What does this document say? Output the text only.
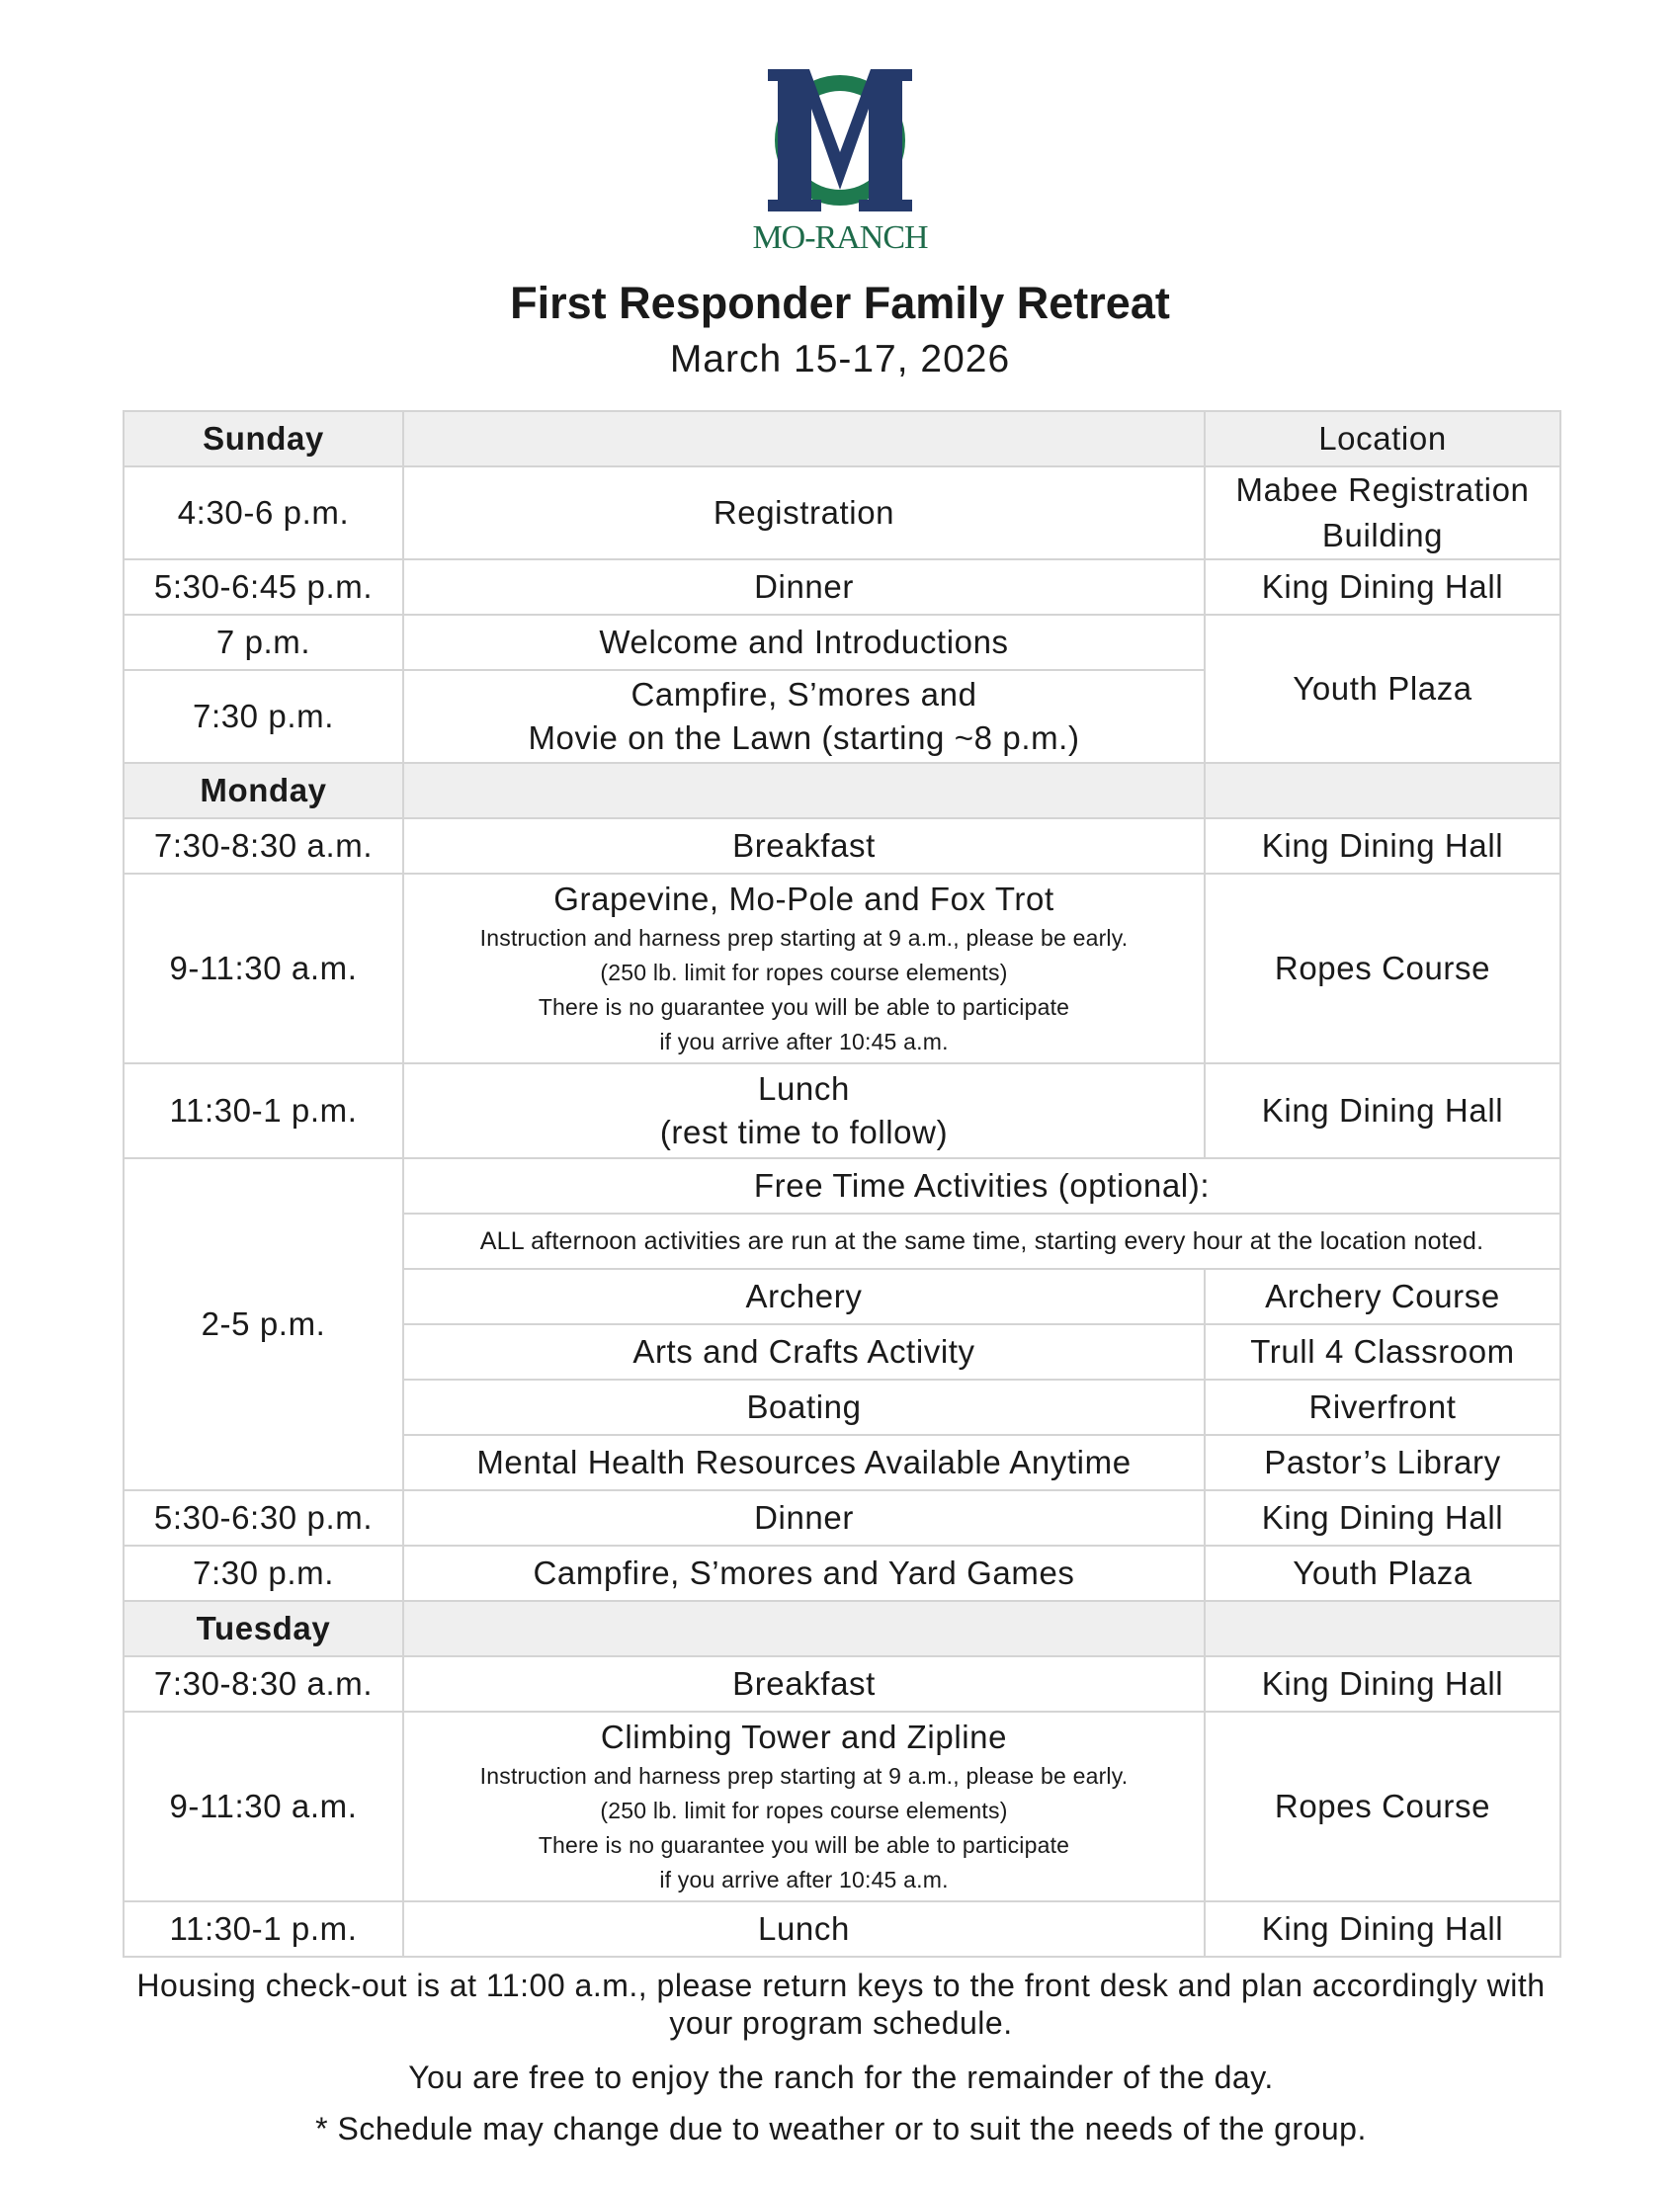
MO-RANCH
First Responder Family Retreat
March 15-17, 2026
Sunday		Location
4:30-6 p.m.	Registration	Mabee Registration Building
5:30-6:45 p.m.	Dinner	King Dining Hall
7 p.m.	Welcome and Introductions	Youth Plaza
7:30 p.m.	Campfire, S’mores and
Movie on the Lawn (starting ~8 p.m.)	

Monday		
7:30-8:30 a.m.	Breakfast	King Dining Hall
9-11:30 a.m.	Grapevine, Mo-Pole and Fox Trot
Instruction and harness prep starting at 9 a.m., please be early.
(250 lb. limit for ropes course elements)
There is no guarantee you will be able to participate
if you arrive after 10:45 a.m.	Ropes Course
11:30-1 p.m.	Lunch
(rest time to follow)	King Dining Hall
2-5 p.m.	Free Time Activities (optional):	
	ALL afternoon activities are run at the same time, starting every hour at the location noted.	
	Archery	Archery Course
	Arts and Crafts Activity	Trull 4 Classroom
	Boating	Riverfront
	Mental Health Resources Available Anytime	Pastor’s Library
5:30-6:30 p.m.	Dinner	King Dining Hall
7:30 p.m.	Campfire, S’mores and Yard Games	Youth Plaza
Tuesday		
7:30-8:30 a.m.	Breakfast	King Dining Hall
9-11:30 a.m.	Climbing Tower and Zipline
Instruction and harness prep starting at 9 a.m., please be early.
(250 lb. limit for ropes course elements)
There is no guarantee you will be able to participate
if you arrive after 10:45 a.m.	Ropes Course
11:30-1 p.m.	Lunch	King Dining Hall
Housing check-out is at 11:00 a.m., please return keys to the front desk and plan accordingly with your program schedule.
You are free to enjoy the ranch for the remainder of the day.
* Schedule may change due to weather or to suit the needs of the group.
